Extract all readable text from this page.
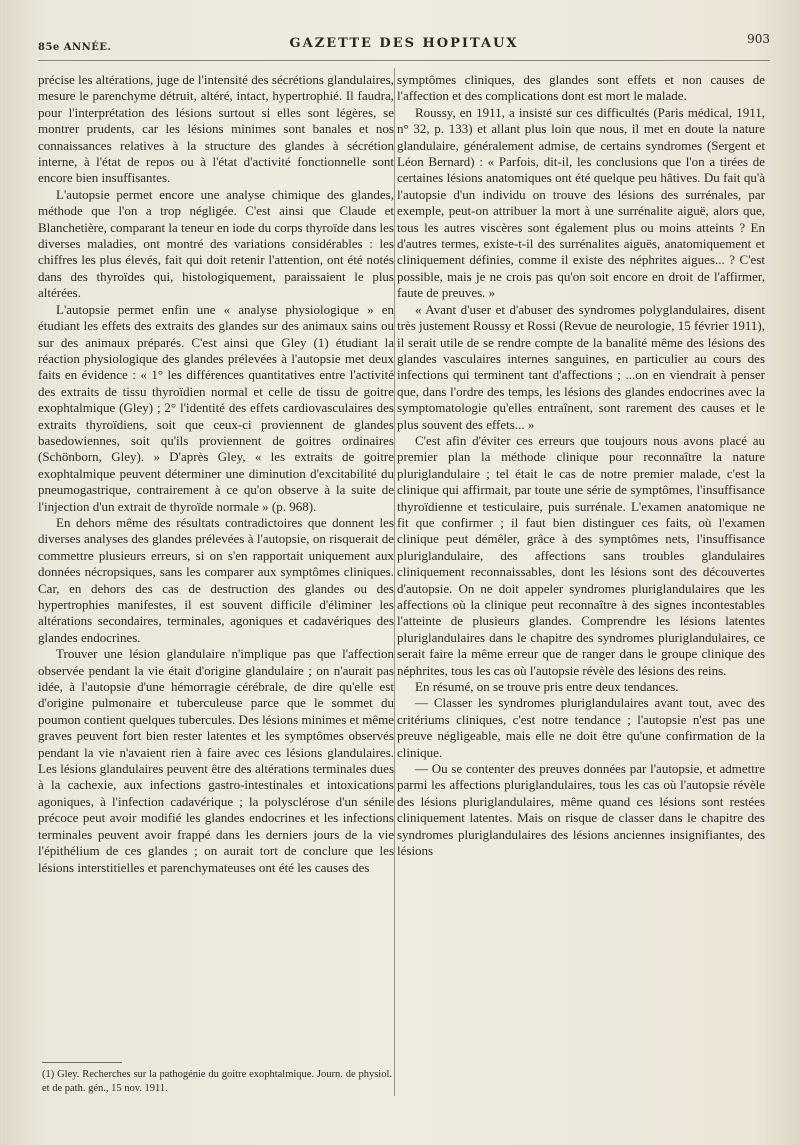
85e ANNÉE.	GAZETTE DES HOPITAUX	903

précise les altérations, juge de l'intensité des sécrétions glandulaires, mesure le parenchyme détruit, altéré, intact, hypertrophié. Il faudra, pour l'interprétation des lésions surtout si elles sont légères, se montrer prudents, car les lésions minimes sont banales et nos connaissances relatives à la structure des glandes à sécrétion interne, à l'état de repos ou à l'état d'activité fonctionnelle sont encore bien insuffisantes.

L'autopsie permet encore une analyse chimique des glandes, méthode que l'on a trop négligée. C'est ainsi que Claude et Blanchetière, comparant la teneur en iode du corps thyroïde dans les diverses maladies, ont montré des variations considérables : les chiffres les plus élevés, fait qui doit retenir l'attention, ont été notés dans des thyroïdes qui, histologiquement, paraissaient le plus altérées.

L'autopsie permet enfin une « analyse physiologique » en étudiant les effets des extraits des glandes sur des animaux sains ou sur des animaux préparés. C'est ainsi que Gley (1) étudiant la réaction physiologique des glandes prélevées à l'autopsie met deux faits en évidence : « 1° les différences quantitatives entre l'activité des extraits de tissu thyroïdien normal et celle de tissu de goitre exophtalmique (Gley) ; 2° l'identité des effets cardiovasculaires des extraits thyroïdiens, soit que ceux-ci proviennent de glandes basedowiennes, soit qu'ils proviennent de goitres ordinaires (Schönborn, Gley). » D'après Gley, « les extraits de goitre exophtalmique peuvent déterminer une diminution d'excitabilité du pneumogastrique, contrairement à ce qu'on observe à la suite de l'injection d'un extrait de thyroïde normale » (p. 968).

En dehors même des résultats contradictoires que donnent les diverses analyses des glandes prélevées à l'autopsie, on risquerait de commettre plusieurs erreurs, si on s'en rapportait uniquement aux données nécropsiques, sans les comparer aux symptômes cliniques. Car, en dehors des cas de destruction des glandes ou des hypertrophies manifestes, il est souvent difficile d'éliminer les altérations secondaires, terminales, agoniques et cadavériques des glandes endocrines.

Trouver une lésion glandulaire n'implique pas que l'affection observée pendant la vie était d'origine glandulaire ; on n'aurait pas idée, à l'autopsie d'une hémorragie cérébrale, de dire qu'elle est d'origine pulmonaire et tuberculeuse parce que le sommet du poumon contient quelques tubercules. Des lésions minimes et même graves peuvent fort bien rester latentes et les symptômes observés pendant la vie n'avaient rien à faire avec ces lésions glandulaires. Les lésions glandulaires peuvent être des altérations terminales dues à la cachexie, aux infections gastro-intestinales et intoxications agoniques, à l'infection cadavérique ; la polysclérose d'un sénile précoce peut avoir modifié les glandes endocrines et les infections terminales peuvent avoir frappé dans les derniers jours de la vie l'épithélium de ces glandes ; on aurait tort de conclure que les lésions interstitielles et parenchymateuses ont été les causes des

(1) Gley. Recherches sur la pathogénie du goitre exophtalmique. Journ. de physiol. et de path. gén., 15 nov. 1911.

symptômes cliniques, des glandes sont effets et non causes de l'affection et des complications dont est mort le malade.

Roussy, en 1911, a insisté sur ces difficultés (Paris médical, 1911, n° 32, p. 133) et allant plus loin que nous, il met en doute la nature glandulaire, généralement admise, de certains syndromes (Sergent et Léon Bernard) : « Parfois, dit-il, les conclusions que l'on a tirées de certaines lésions anatomiques ont été quelque peu hâtives. Du fait qu'à l'autopsie d'un individu on trouve des lésions des surrénales, par exemple, peut-on attribuer la mort à une surrénalite aiguë, alors que, tous les autres viscères sont également plus ou moins atteints ? En d'autres termes, existe-t-il des surrénalites aiguës, anatomiquement et cliniquement définies, comme il existe des néphrites aigues... ? C'est possible, mais je ne crois pas qu'on soit encore en droit de l'affirmer, faute de preuves. »

« Avant d'user et d'abuser des syndromes polyglandulaires, disent très justement Roussy et Rossi (Revue de neurologie, 15 février 1911), il serait utile de se rendre compte de la banalité même des lésions des glandes vasculaires internes sanguines, en particulier au cours des infections qui terminent tant d'affections ; ...on en viendrait à penser que, dans l'ordre des temps, les lésions des glandes endocrines avec la symptomatologie qu'elles entraînent, sont rarement des causes et le plus souvent des effets... »

C'est afin d'éviter ces erreurs que toujours nous avons placé au premier plan la méthode clinique pour reconnaître la nature pluriglandulaire ; tel était le cas de notre premier malade, c'est la clinique qui affirmait, par toute une série de symptômes, l'insuffisance thyroïdienne et testiculaire, puis surrénale. L'examen anatomique ne fit que confirmer ; il faut bien distinguer ces faits, où l'examen clinique peut démêler, grâce à des symptômes nets, l'insuffisance pluriglandulaire, des affections sans troubles glandulaires cliniquement reconnaissables, dont les lésions sont des découvertes d'autopsie. On ne doit appeler syndromes pluriglandulaires que les affections où la clinique peut reconnaître à des signes incontestables l'atteinte de plusieurs glandes. Comprendre les lésions latentes pluriglandulaires dans le chapitre des syndromes pluriglandulaires, ce serait faire la même erreur que de ranger dans le groupe clinique des néphrites, tous les cas où l'autopsie révèle des lésions des reins.

En résumé, on se trouve pris entre deux tendances.

— Classer les syndromes pluriglandulaires avant tout, avec des critériums cliniques, c'est notre tendance ; l'autopsie n'est pas une preuve négligeable, mais elle ne doit être qu'une confirmation de la clinique.

— Ou se contenter des preuves données par l'autopsie, et admettre parmi les affections pluriglandulaires, tous les cas où l'autopsie révèle des lésions pluriglandulaires, même quand ces lésions sont restées cliniquement latentes. Mais on risque de classer dans le chapitre des syndromes pluriglandulaires des lésions anciennes insignifiantes, des lésions
